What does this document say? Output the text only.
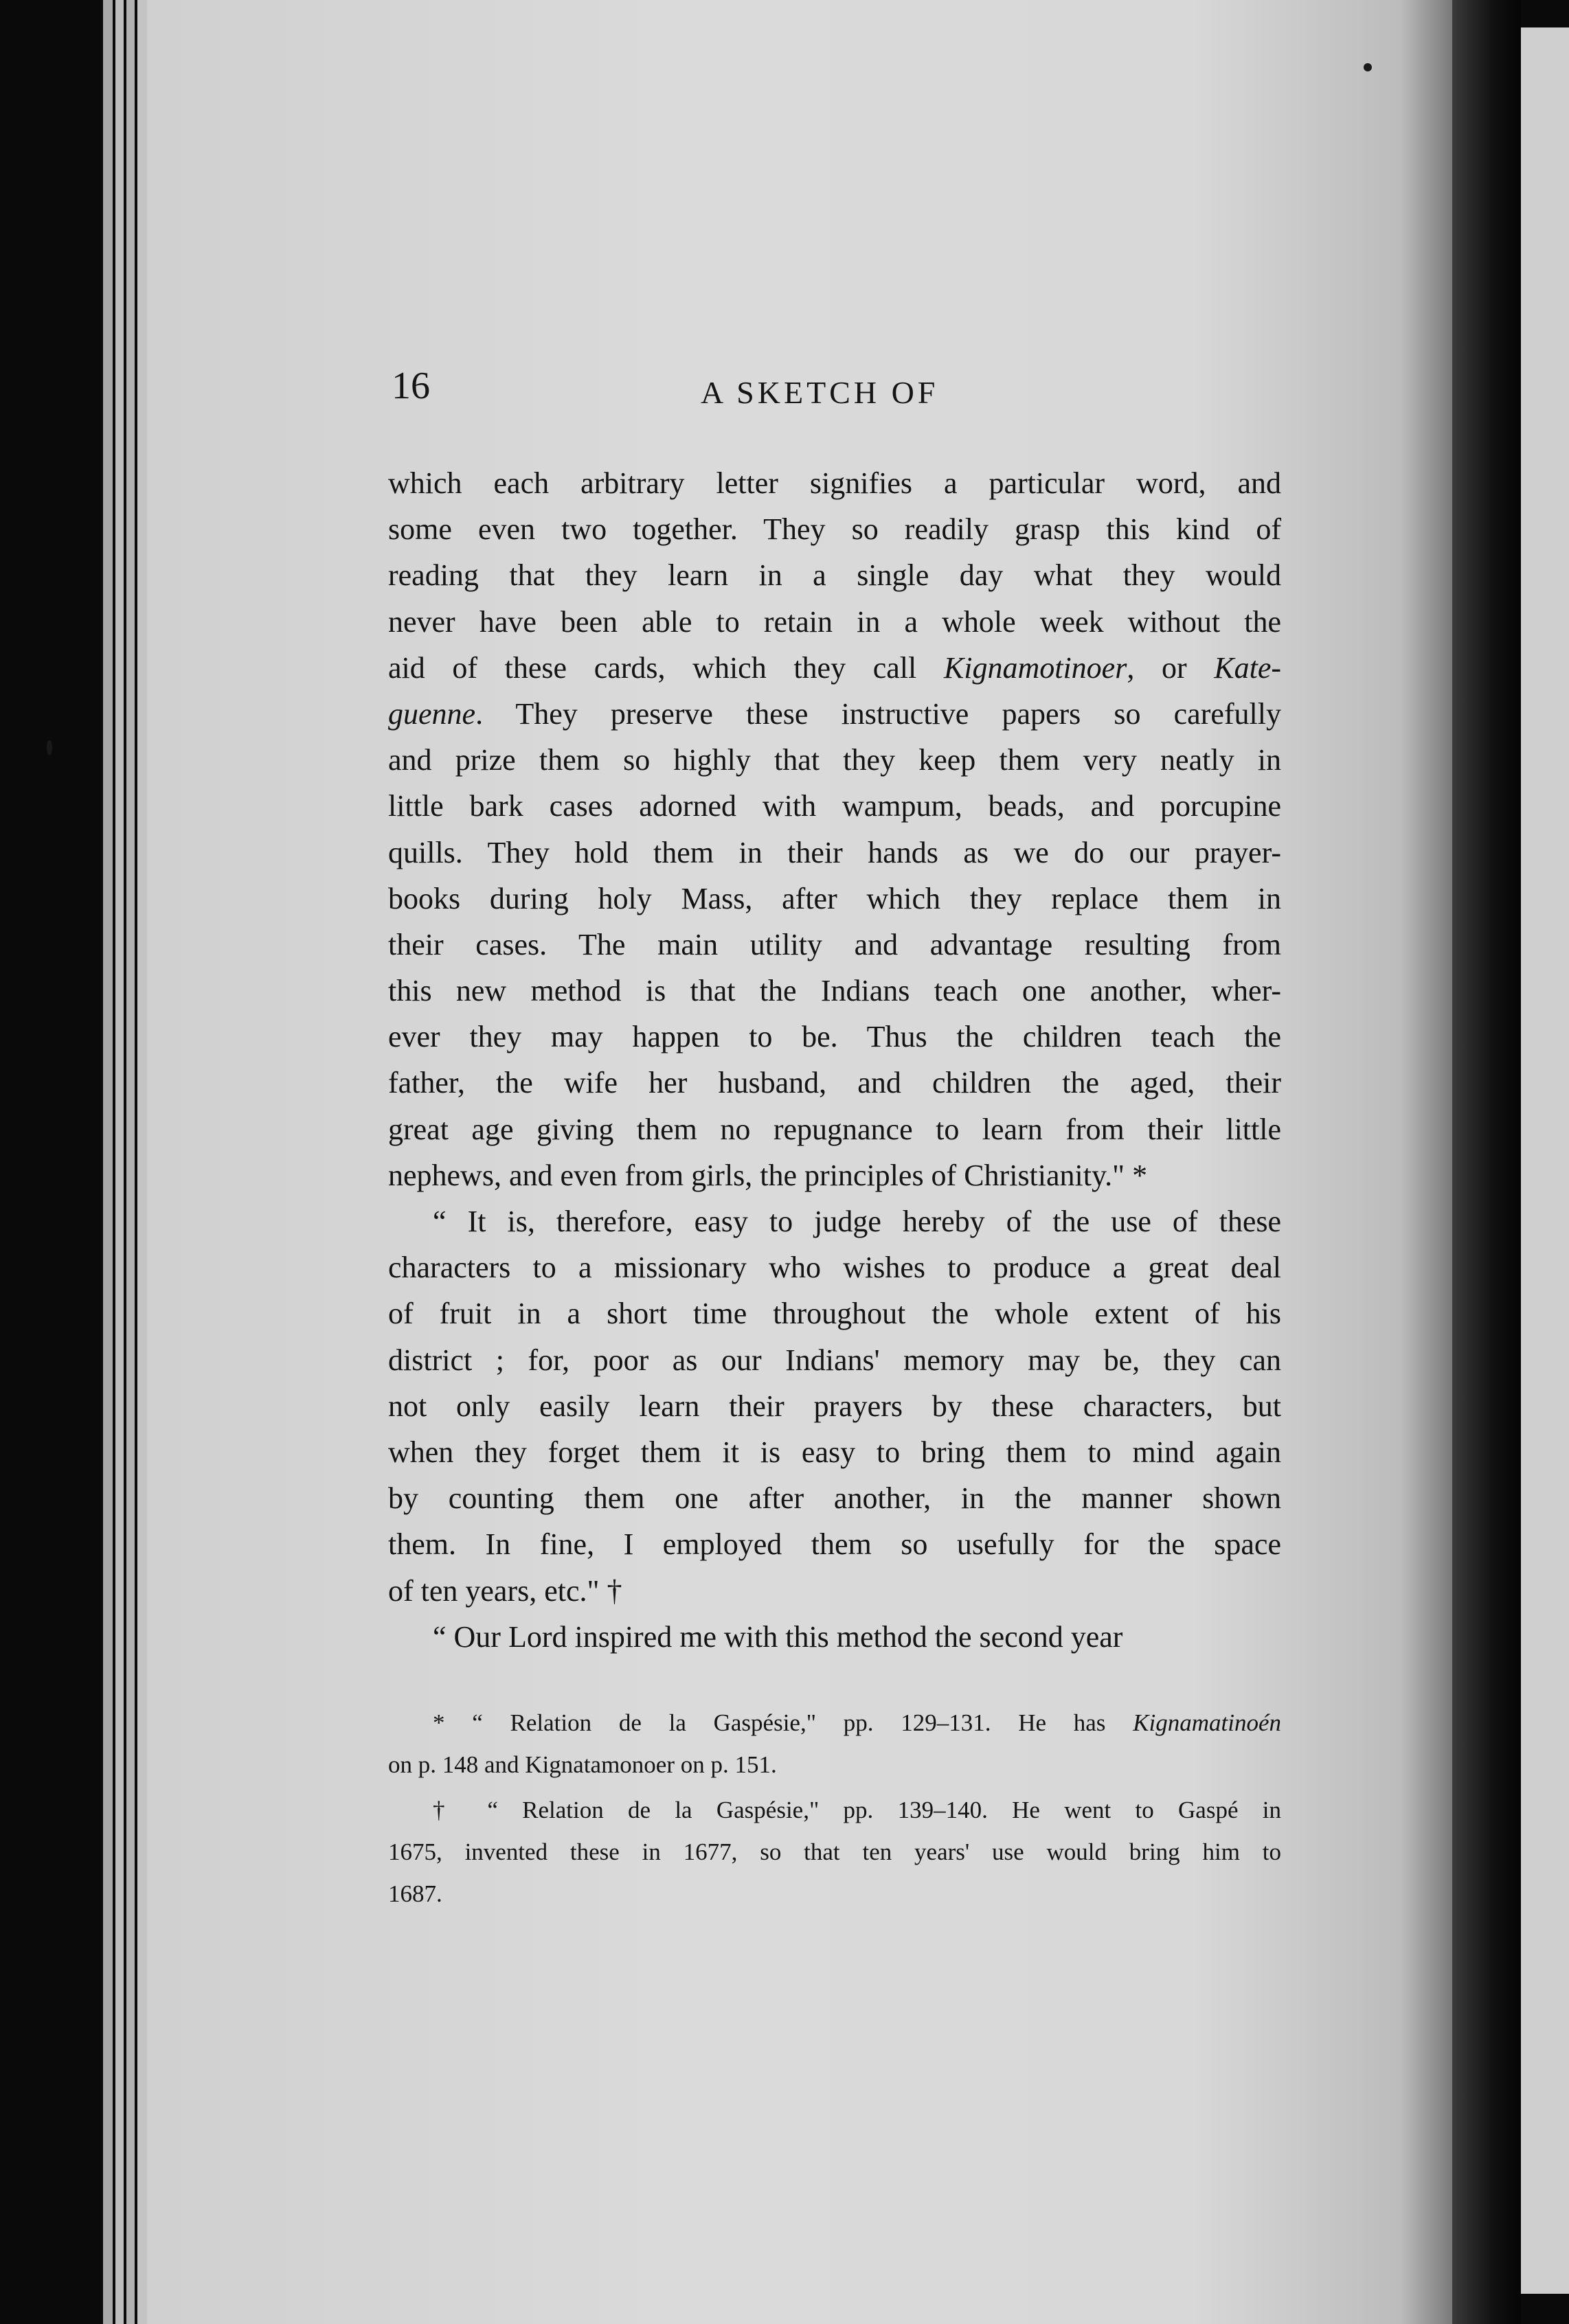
16	A SKETCH OF
which each arbitrary letter signifies a particular word, and
some even two together. They so readily grasp this kind of
reading that they learn in a single day what they would
never have been able to retain in a whole week without the
aid of these cards, which they call Kignamotinoer, or Kate-
guenne. They preserve these instructive papers so carefully
and prize them so highly that they keep them very neatly in
little bark cases adorned with wampum, beads, and porcupine
quills. They hold them in their hands as we do our prayer-
books during holy Mass, after which they replace them in
their cases. The main utility and advantage resulting from
this new method is that the Indians teach one another, wher-
ever they may happen to be. Thus the children teach the
father, the wife her husband, and children the aged, their
great age giving them no repugnance to learn from their little
nephews, and even from girls, the principles of Christianity." *
“ It is, therefore, easy to judge hereby of the use of these
characters to a missionary who wishes to produce a great deal
of fruit in a short time throughout the whole extent of his
district ; for, poor as our Indians' memory may be, they can
not only easily learn their prayers by these characters, but
when they forget them it is easy to bring them to mind again
by counting them one after another, in the manner shown
them. In fine, I employed them so usefully for the space
of ten years, etc." †
“ Our Lord inspired me with this method the second year
* “ Relation de la Gaspésie," pp. 129–131. He has Kignamatinoén
on p. 148 and Kignatamonoer on p. 151.
† “ Relation de la Gaspésie," pp. 139–140. He went to Gaspé in
1675, invented these in 1677, so that ten years' use would bring him to
1687.
